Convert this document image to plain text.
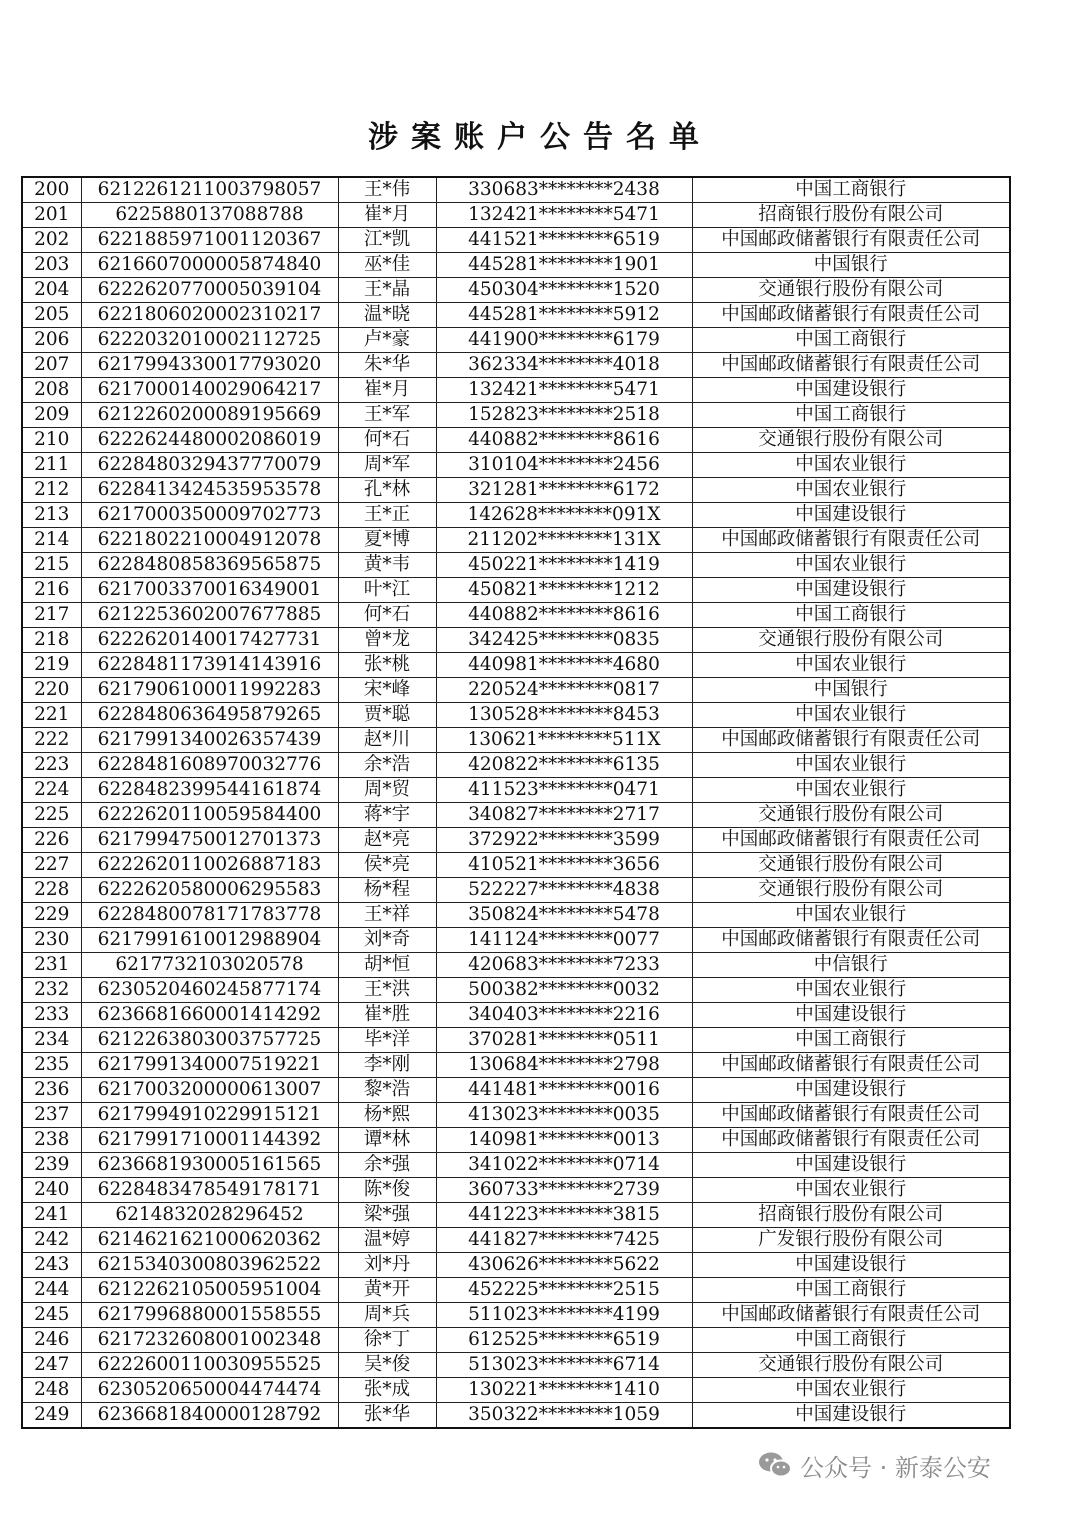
涉案账户公告名单
200	6212261211003798057	王*伟	330683********2438	中国工商银行
201	6225880137088788	崔*月	132421********5471	招商银行股份有限公司
202	6221885971001120367	江*凯	441521********6519	中国邮政储蓄银行有限责任公司
203	6216607000005874840	巫*佳	445281********1901	中国银行
204	6222620770005039104	王*晶	450304********1520	交通银行股份有限公司
205	6221806020002310217	温*晓	445281********5912	中国邮政储蓄银行有限责任公司
206	6222032010002112725	卢*豪	441900********6179	中国工商银行
207	6217994330017793020	朱*华	362334********4018	中国邮政储蓄银行有限责任公司
208	6217000140029064217	崔*月	132421********5471	中国建设银行
209	6212260200089195669	王*军	152823********2518	中国工商银行
210	6222624480002086019	何*石	440882********8616	交通银行股份有限公司
211	6228480329437770079	周*军	310104********2456	中国农业银行
212	6228413424535953578	孔*林	321281********6172	中国农业银行
213	6217000350009702773	王*正	142628********091X	中国建设银行
214	6221802210004912078	夏*博	211202********131X	中国邮政储蓄银行有限责任公司
215	6228480858369565875	黄*韦	450221********1419	中国农业银行
216	6217003370016349001	叶*江	450821********1212	中国建设银行
217	6212253602007677885	何*石	440882********8616	中国工商银行
218	6222620140017427731	曾*龙	342425********0835	交通银行股份有限公司
219	6228481173914143916	张*桃	440981********4680	中国农业银行
220	6217906100011992283	宋*峰	220524********0817	中国银行
221	6228480636495879265	贾*聪	130528********8453	中国农业银行
222	6217991340026357439	赵*川	130621********511X	中国邮政储蓄银行有限责任公司
223	6228481608970032776	余*浩	420822********6135	中国农业银行
224	6228482399544161874	周*贸	411523********0471	中国农业银行
225	6222620110059584400	蒋*宇	340827********2717	交通银行股份有限公司
226	6217994750012701373	赵*亮	372922********3599	中国邮政储蓄银行有限责任公司
227	6222620110026887183	侯*亮	410521********3656	交通银行股份有限公司
228	6222620580006295583	杨*程	522227********4838	交通银行股份有限公司
229	6228480078171783778	王*祥	350824********5478	中国农业银行
230	6217991610012988904	刘*奇	141124********0077	中国邮政储蓄银行有限责任公司
231	6217732103020578	胡*恒	420683********7233	中信银行
232	6230520460245877174	王*洪	500382********0032	中国农业银行
233	6236681660001414292	崔*胜	340403********2216	中国建设银行
234	6212263803003757725	毕*洋	370281********0511	中国工商银行
235	6217991340007519221	李*刚	130684********2798	中国邮政储蓄银行有限责任公司
236	6217003200000613007	黎*浩	441481********0016	中国建设银行
237	6217994910229915121	杨*熙	413023********0035	中国邮政储蓄银行有限责任公司
238	6217991710001144392	谭*林	140981********0013	中国邮政储蓄银行有限责任公司
239	6236681930005161565	余*强	341022********0714	中国建设银行
240	6228483478549178171	陈*俊	360733********2739	中国农业银行
241	6214832028296452	梁*强	441223********3815	招商银行股份有限公司
242	6214621621000620362	温*婷	441827********7425	广发银行股份有限公司
243	6215340300803962522	刘*丹	430626********5622	中国建设银行
244	6212262105005951004	黄*开	452225********2515	中国工商银行
245	6217996880001558555	周*兵	511023********4199	中国邮政储蓄银行有限责任公司
246	6217232608001002348	徐*丁	612525********6519	中国工商银行
247	6222600110030955525	吴*俊	513023********6714	交通银行股份有限公司
248	6230520650004474474	张*成	130221********1410	中国农业银行
249	6236681840000128792	张*华	350322********1059	中国建设银行
公众号 · 新泰公安
